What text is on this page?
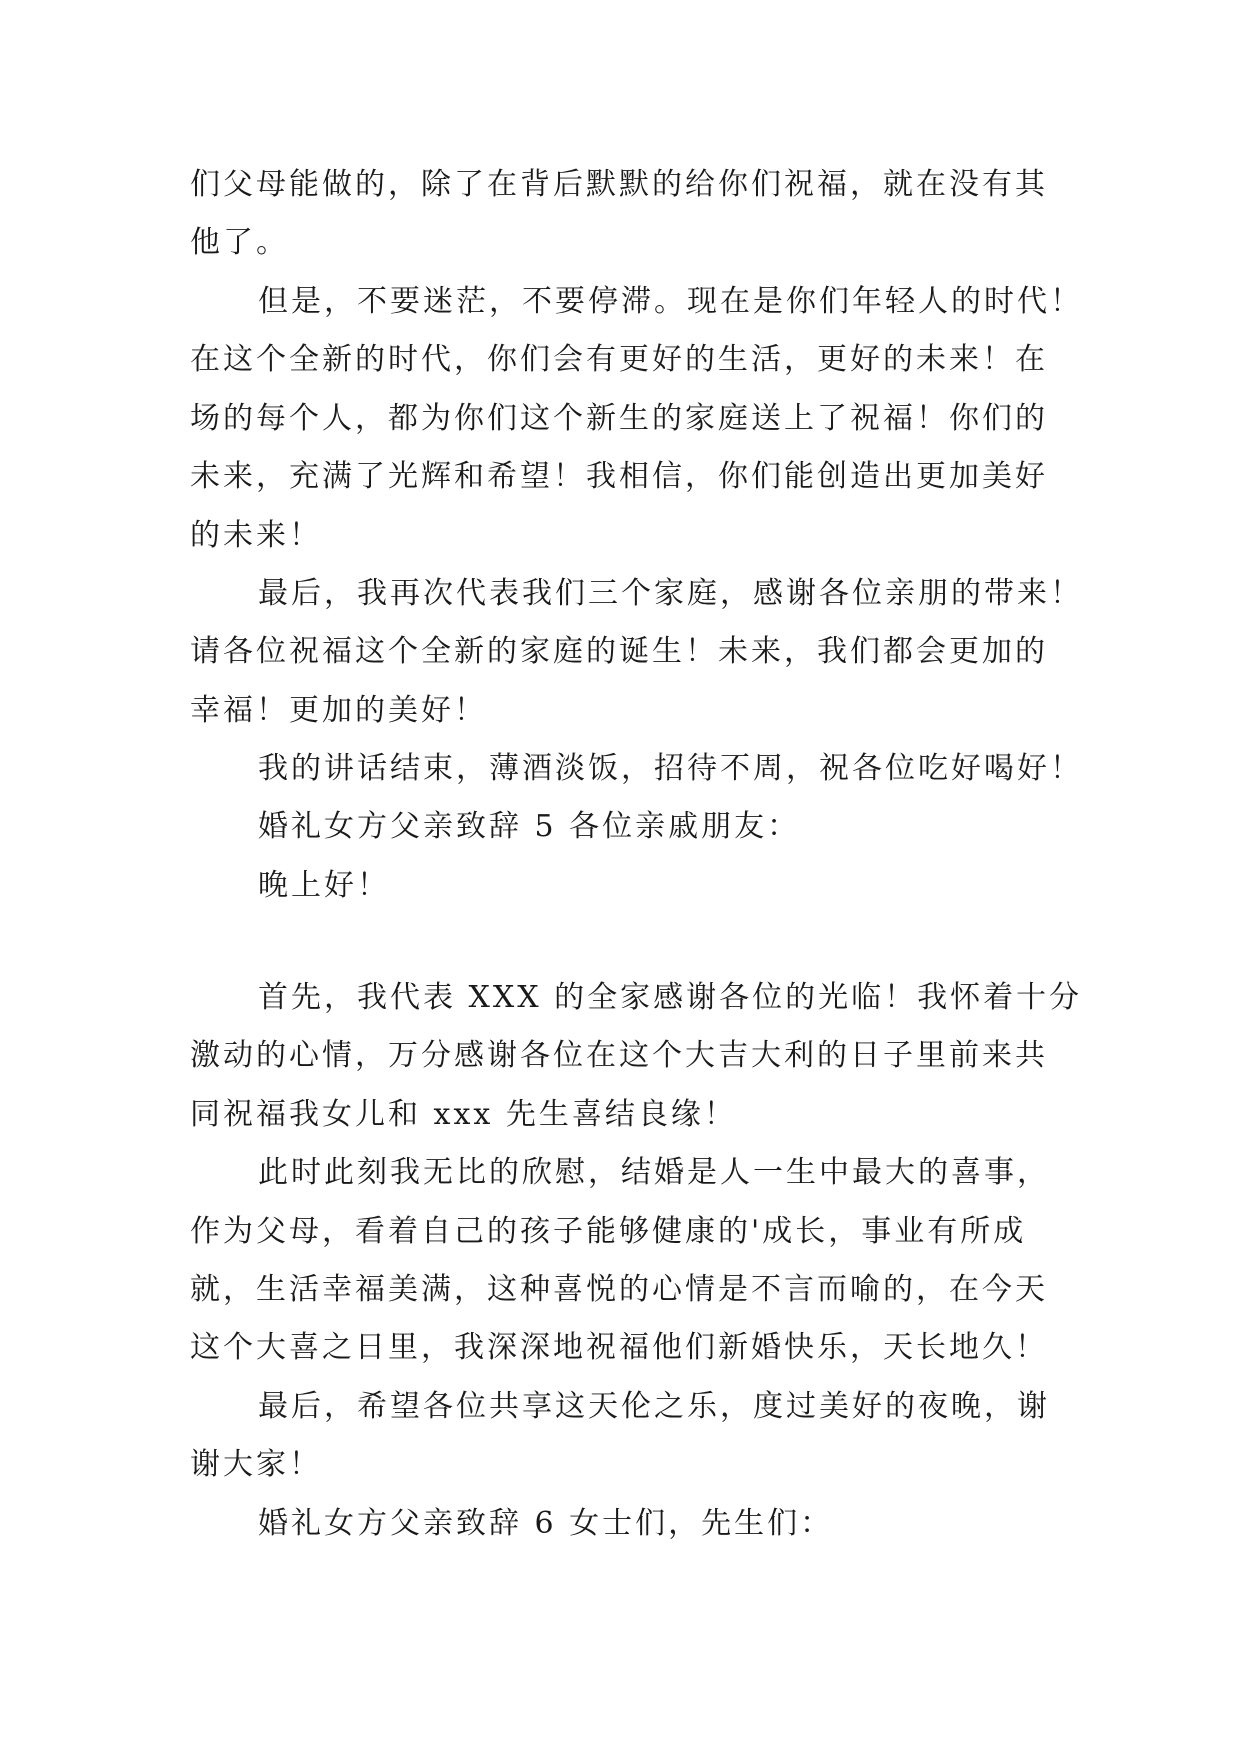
们父母能做的，除了在背后默默的给你们祝福，就在没有其

他了。

但是，不要迷茫，不要停滞。现在是你们年轻人的时代！

在这个全新的时代，你们会有更好的生活，更好的未来！在

场的每个人，都为你们这个新生的家庭送上了祝福！你们的

未来，充满了光辉和希望！我相信，你们能创造出更加美好

的未来！

最后，我再次代表我们三个家庭，感谢各位亲朋的带来！

请各位祝福这个全新的家庭的诞生！未来，我们都会更加的

幸福！更加的美好！

我的讲话结束，薄酒淡饭，招待不周，祝各位吃好喝好！

婚礼女方父亲致辞 5 各位亲戚朋友：

晚上好！

首先，我代表 XXX 的全家感谢各位的光临！我怀着十分

激动的心情，万分感谢各位在这个大吉大利的日子里前来共

同祝福我女儿和 xxx 先生喜结良缘！

此时此刻我无比的欣慰，结婚是人一生中最大的喜事，

作为父母，看着自己的孩子能够健康的'成长，事业有所成

就，生活幸福美满，这种喜悦的心情是不言而喻的，在今天

这个大喜之日里，我深深地祝福他们新婚快乐，天长地久！

最后，希望各位共享这天伦之乐，度过美好的夜晚，谢

谢大家！

婚礼女方父亲致辞 6 女士们，先生们：
